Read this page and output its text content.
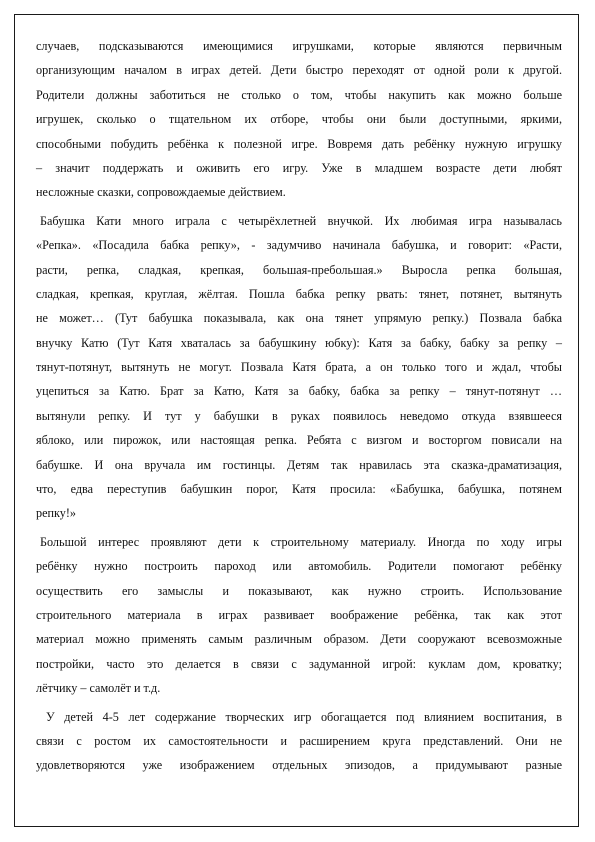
случаев, подсказываются имеющимися игрушками, которые являются первичным
организующим началом в играх детей. Дети быстро переходят от одной роли к другой.
Родители должны заботиться не столько о том, чтобы накупить как можно больше
игрушек, сколько о тщательном их отборе, чтобы они были доступными, яркими,
способными побудить ребёнка к полезной игре. Вовремя дать ребёнку нужную игрушку
– значит поддержать и оживить его игру. Уже в младшем возрасте дети любят
несложные сказки, сопровождаемые действием.
Бабушка Кати много играла с четырёхлетней внучкой. Их любимая игра называлась
«Репка». «Посадила бабка репку», - задумчиво начинала бабушка, и говорит: «Расти,
расти, репка, сладкая, крепкая, большая-пребольшая.» Выросла репка большая,
сладкая, крепкая, круглая, жёлтая. Пошла бабка репку рвать: тянет, потянет, вытянуть
не может… (Тут бабушка показывала, как она тянет упрямую репку.) Позвала бабка
внучку Катю (Тут Катя хваталась за бабушкину юбку): Катя за бабку, бабку за репку –
тянут-потянут, вытянуть не могут. Позвала Катя брата, а он только того и ждал, чтобы
уцепиться за Катю. Брат за Катю, Катя за бабку, бабка за репку – тянут-потянут …
вытянули репку. И тут у бабушки в руках появилось неведомо откуда взявшееся
яблоко, или пирожок, или настоящая репка. Ребята с визгом и восторгом повисали на
бабушке. И она вручала им гостинцы. Детям так нравилась эта сказка-драматизация,
что, едва переступив бабушкин порог, Катя просила: «Бабушка, бабушка, потянем
репку!»
Большой интерес проявляют дети к строительному материалу. Иногда по ходу игры
ребёнку нужно построить пароход или автомобиль. Родители помогают ребёнку
осуществить его замыслы и показывают, как нужно строить. Использование
строительного материала в играх развивает воображение ребёнка, так как этот
материал можно применять самым различным образом. Дети сооружают всевозможные
постройки, часто это делается в связи с задуманной игрой: куклам дом, кроватку;
лётчику – самолёт и т.д.
У детей 4-5 лет содержание творческих игр обогащается под влиянием воспитания, в
связи с ростом их самостоятельности и расширением круга представлений. Они не
удовлетворяются уже изображением отдельных эпизодов, а придумывают разные
